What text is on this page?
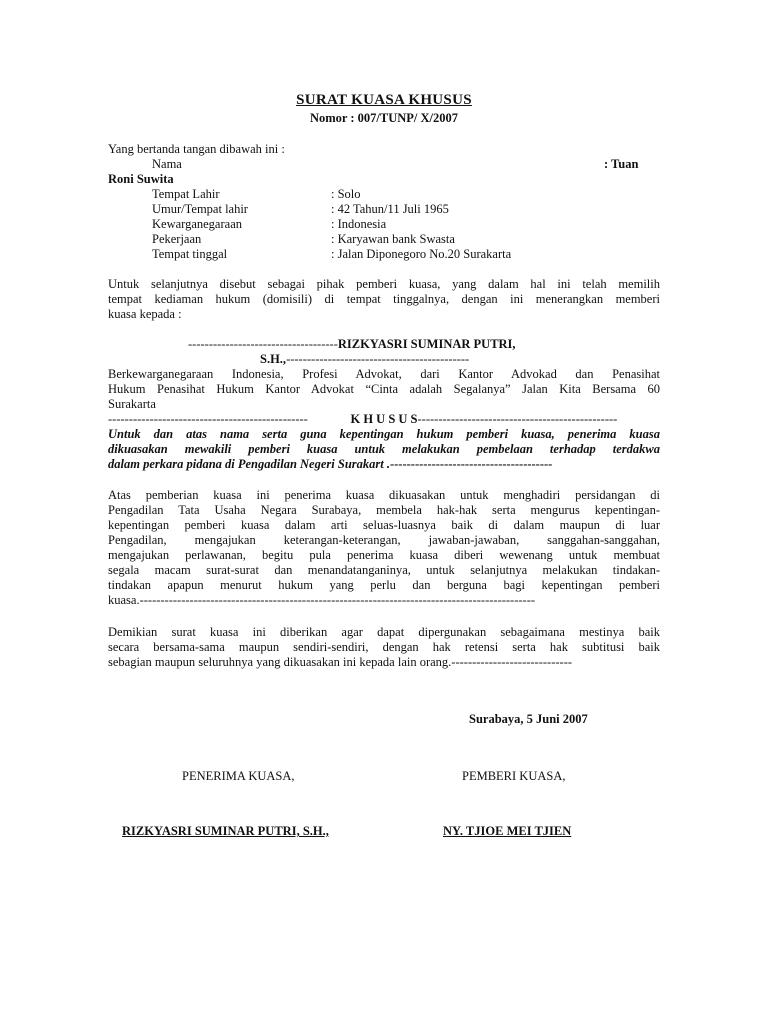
SURAT KUASA KHUSUS
Nomor : 007/TUNP/ X/2007
Yang bertanda tangan dibawah ini :
Nama	: Tuan
Roni Suwita
Tempat Lahir	: Solo
Umur/Tempat lahir	: 42 Tahun/11 Juli 1965
Kewarganegaraan	: Indonesia
Pekerjaan	: Karyawan bank Swasta
Tempat tinggal	: Jalan Diponegoro No.20 Surakarta
Untuk selanjutnya disebut sebagai pihak pemberi kuasa, yang dalam hal ini telah memilih
tempat kediaman hukum (domisili) di tempat tinggalnya, dengan ini menerangkan memberi
kuasa kepada :
------------------------------------RIZKYASRI SUMINAR PUTRI,
S.H.,--------------------------------------------
Berkewarganegaraan Indonesia, Profesi Advokat, dari Kantor Advokad dan Penasihat
Hukum Penasihat Hukum Kantor Advokat “Cinta adalah Segalanya” Jalan Kita Bersama 60
Surakarta
------------------------------------------------	K H U S U S ------------------------------------------------
Untuk dan atas nama serta guna kepentingan hukum pemberi kuasa, penerima kuasa
dikuasakan mewakili pemberi kuasa untuk melakukan pembelaan terhadap terdakwa
dalam perkara pidana di Pengadilan Negeri Surakart .---------------------------------------
Atas pemberian kuasa ini penerima kuasa dikuasakan untuk menghadiri persidangan di
Pengadilan Tata Usaha Negara Surabaya, membela hak-hak serta mengurus kepentingan-
kepentingan pemberi kuasa dalam arti seluas-luasnya baik di dalam maupun di luar
Pengadilan, mengajukan keterangan-keterangan, jawaban-jawaban, sanggahan-sanggahan,
mengajukan perlawanan, begitu pula penerima kuasa diberi wewenang untuk membuat
segala macam surat-surat dan menandatanganinya, untuk selanjutnya melakukan tindakan-
tindakan apapun menurut hukum yang perlu dan berguna bagi kepentingan pemberi
kuasa.-----------------------------------------------------------------------------------------------
Demikian surat kuasa ini diberikan agar dapat dipergunakan sebagaimana mestinya baik
secara bersama-sama maupun sendiri-sendiri, dengan hak retensi serta hak subtitusi baik
sebagian maupun seluruhnya yang dikuasakan ini kepada lain orang.-----------------------------
Surabaya, 5 Juni 2007
PENERIMA KUASA,	PEMBERI KUASA,
RIZKYASRI SUMINAR PUTRI, S.H.,	NY. TJIOE MEI TJIEN
